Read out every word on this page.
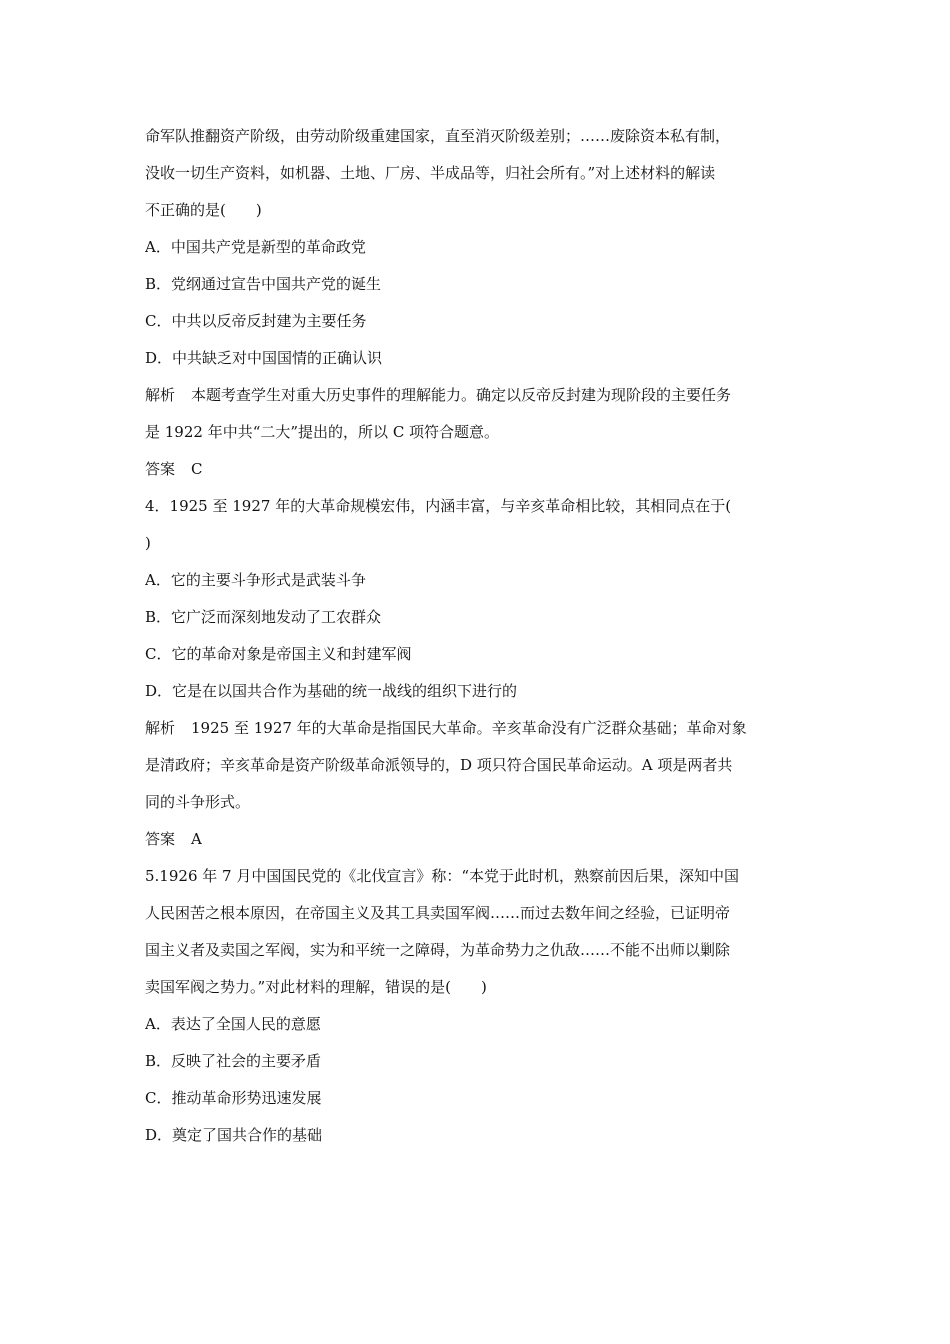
命军队推翻资产阶级，由劳动阶级重建国家，直至消灭阶级差别；……废除资本私有制，
没收一切生产资料，如机器、土地、厂房、半成品等，归社会所有。”对上述材料的解读
不正确的是(　　)
A．中国共产党是新型的革命政党
B．党纲通过宣告中国共产党的诞生
C．中共以反帝反封建为主要任务
D．中共缺乏对中国国情的正确认识
解析 本题考查学生对重大历史事件的理解能力。确定以反帝反封建为现阶段的主要任务
是 1922 年中共“二大”提出的，所以 C 项符合题意。
答案 C
4．1925 至 1927 年的大革命规模宏伟，内涵丰富，与辛亥革命相比较，其相同点在于(
)
A．它的主要斗争形式是武装斗争
B．它广泛而深刻地发动了工农群众
C．它的革命对象是帝国主义和封建军阀
D．它是在以国共合作为基础的统一战线的组织下进行的
解析 1925 至 1927 年的大革命是指国民大革命。辛亥革命没有广泛群众基础；革命对象
是清政府；辛亥革命是资产阶级革命派领导的，D 项只符合国民革命运动。A 项是两者共
同的斗争形式。
答案 A
5.1926 年 7 月中国国民党的《北伐宣言》称：“本党于此时机，熟察前因后果，深知中国
人民困苦之根本原因，在帝国主义及其工具卖国军阀……而过去数年间之经验，已证明帝
国主义者及卖国之军阀，实为和平统一之障碍，为革命势力之仇敌……不能不出师以剿除
卖国军阀之势力。”对此材料的理解，错误的是(　　)
A．表达了全国人民的意愿
B．反映了社会的主要矛盾
C．推动革命形势迅速发展
D．奠定了国共合作的基础
